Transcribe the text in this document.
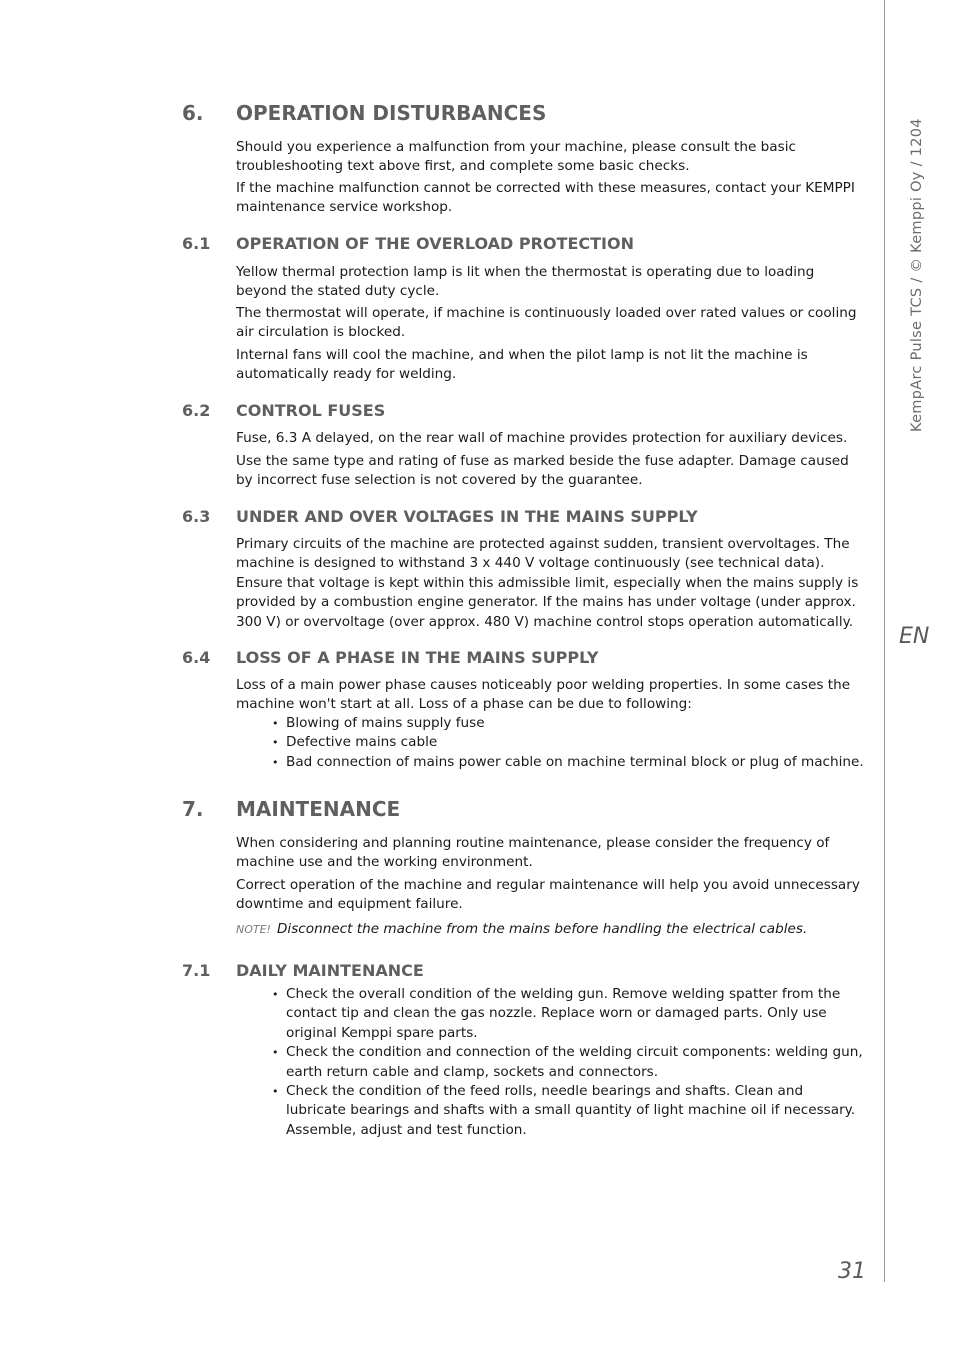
KempArc Pulse TCS / © Kemppi Oy / 1204
EN
31
6. OPERATION DISTURBANCES

Should you experience a malfunction from your machine, please consult the basic troubleshooting text above first, and complete some basic checks.

If the machine malfunction cannot be corrected with these measures, contact your KEMPPI maintenance service workshop.

6.1 OPERATION OF THE OVERLOAD PROTECTION

Yellow thermal protection lamp is lit when the thermostat is operating due to loading beyond the stated duty cycle.

The thermostat will operate, if machine is continuously loaded over rated values or cooling air circulation is blocked.

Internal fans will cool the machine, and when the pilot lamp is not lit the machine is automatically ready for welding.

6.2 CONTROL FUSES

Fuse, 6.3 A delayed, on the rear wall of machine provides protection for auxiliary devices.

Use the same type and rating of fuse as marked beside the fuse adapter. Damage caused by incorrect fuse selection is not covered by the guarantee.

6.3 UNDER AND OVER VOLTAGES IN THE MAINS SUPPLY

Primary circuits of the machine are protected against sudden, transient overvoltages. The machine is designed to withstand 3 x 440 V voltage continuously (see technical data). Ensure that voltage is kept within this admissible limit, especially when the mains supply is provided by a combustion engine generator. If the mains has under voltage (under approx. 300 V) or overvoltage (over approx. 480 V) machine control stops operation automatically.

6.4 LOSS OF A PHASE IN THE MAINS SUPPLY

Loss of a main power phase causes noticeably poor welding properties. In some cases the machine won't start at all. Loss of a phase can be due to following:

• Blowing of mains supply fuse
• Defective mains cable
• Bad connection of mains power cable on machine terminal block or plug of machine.
7. MAINTENANCE

When considering and planning routine maintenance, please consider the frequency of machine use and the working environment.

Correct operation of the machine and regular maintenance will help you avoid unnecessary downtime and equipment failure.

NOTE! Disconnect the machine from the mains before handling the electrical cables.
7.1 DAILY MAINTENANCE
• Check the overall condition of the welding gun. Remove welding spatter from the contact tip and clean the gas nozzle. Replace worn or damaged parts. Only use original Kemppi spare parts.
• Check the condition and connection of the welding circuit components: welding gun, earth return cable and clamp, sockets and connectors.
• Check the condition of the feed rolls, needle bearings and shafts. Clean and lubricate bearings and shafts with a small quantity of light machine oil if necessary. Assemble, adjust and test function.
